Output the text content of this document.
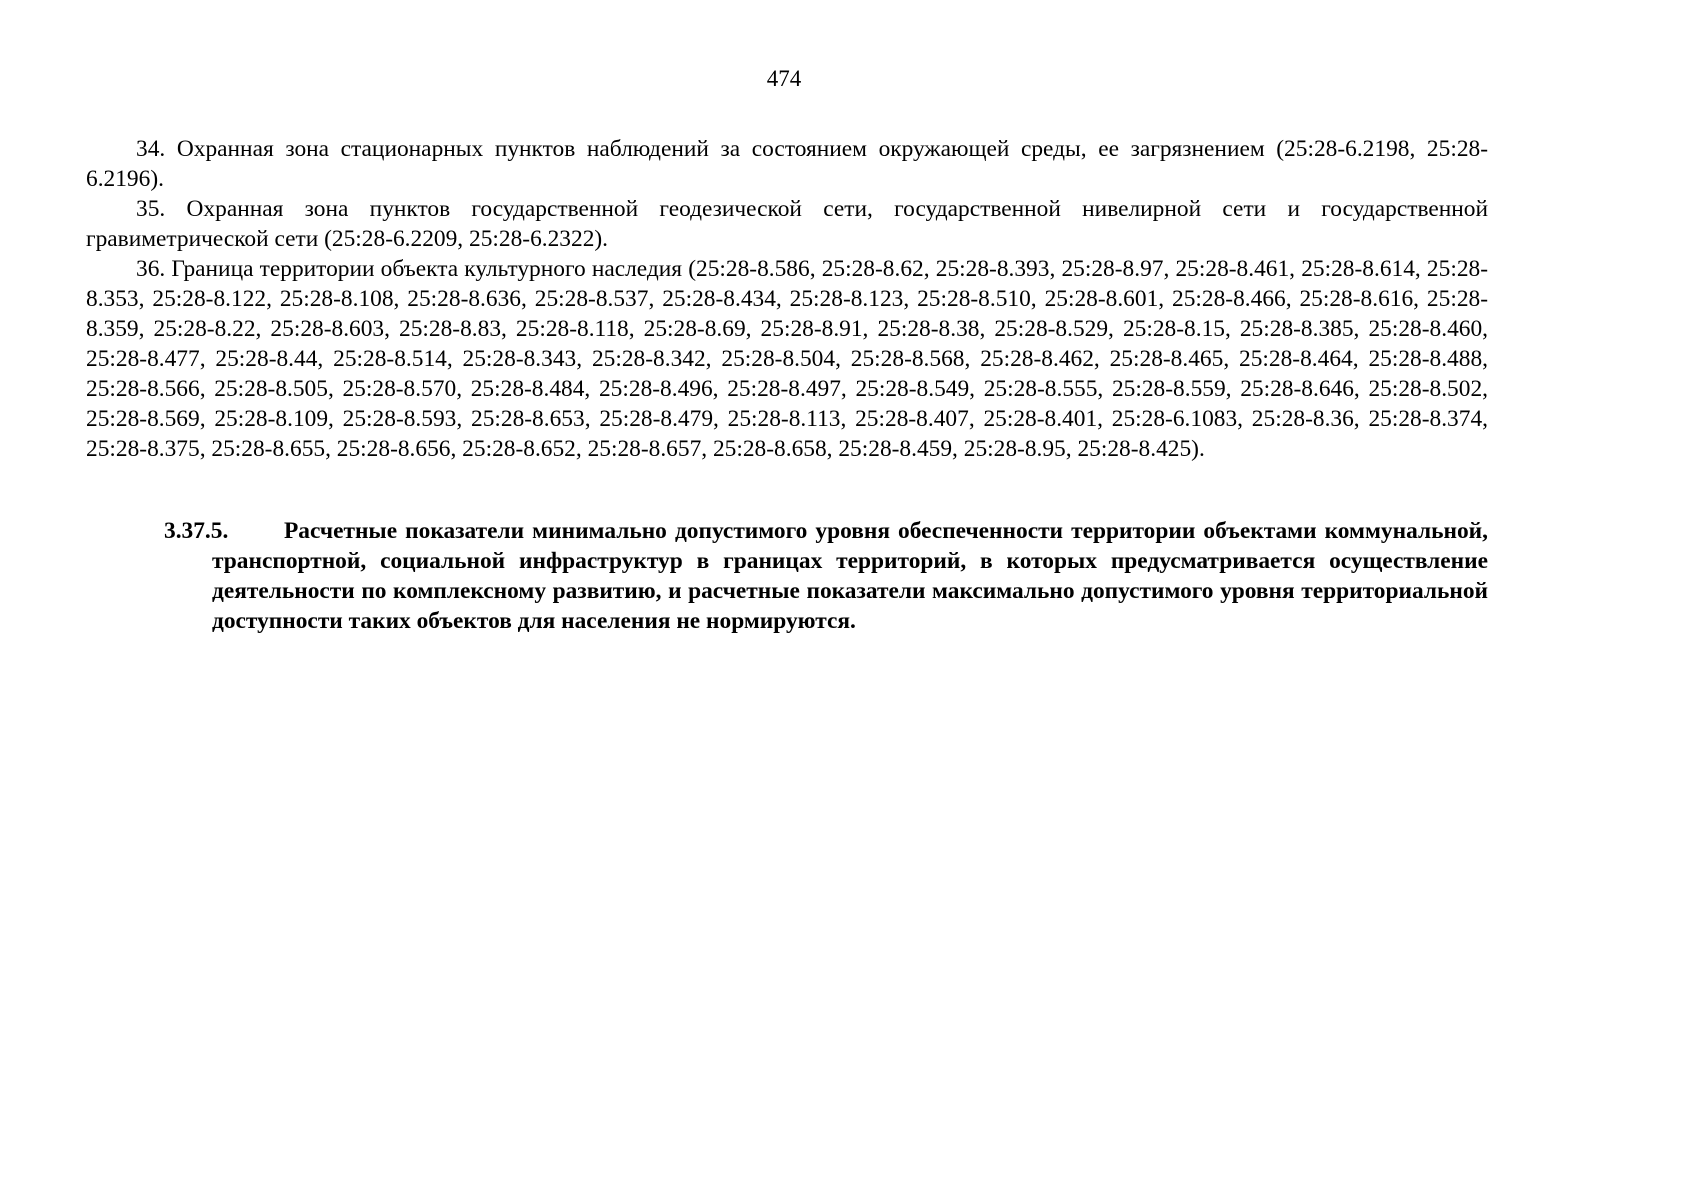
474

34. Охранная зона стационарных пунктов наблюдений за состоянием окружающей среды, ее загрязнением (25:28-6.2198, 25:28-6.2196).

35. Охранная зона пунктов государственной геодезической сети, государственной нивелирной сети и государственной гравиметрической сети (25:28-6.2209, 25:28-6.2322).

36. Граница территории объекта культурного наследия (25:28-8.586, 25:28-8.62, 25:28-8.393, 25:28-8.97, 25:28-8.461, 25:28-8.614, 25:28-8.353, 25:28-8.122, 25:28-8.108, 25:28-8.636, 25:28-8.537, 25:28-8.434, 25:28-8.123, 25:28-8.510, 25:28-8.601, 25:28-8.466, 25:28-8.616, 25:28-8.359, 25:28-8.22, 25:28-8.603, 25:28-8.83, 25:28-8.118, 25:28-8.69, 25:28-8.91, 25:28-8.38, 25:28-8.529, 25:28-8.15, 25:28-8.385, 25:28-8.460, 25:28-8.477, 25:28-8.44, 25:28-8.514, 25:28-8.343, 25:28-8.342, 25:28-8.504, 25:28-8.568, 25:28-8.462, 25:28-8.465, 25:28-8.464, 25:28-8.488, 25:28-8.566, 25:28-8.505, 25:28-8.570, 25:28-8.484, 25:28-8.496, 25:28-8.497, 25:28-8.549, 25:28-8.555, 25:28-8.559, 25:28-8.646, 25:28-8.502, 25:28-8.569, 25:28-8.109, 25:28-8.593, 25:28-8.653, 25:28-8.479, 25:28-8.113, 25:28-8.407, 25:28-8.401, 25:28-6.1083, 25:28-8.36, 25:28-8.374, 25:28-8.375, 25:28-8.655, 25:28-8.656, 25:28-8.652, 25:28-8.657, 25:28-8.658, 25:28-8.459, 25:28-8.95, 25:28-8.425).

3.37.5. Расчетные показатели минимально допустимого уровня обеспеченности территории объектами коммунальной, транспортной, социальной инфраструктур в границах территорий, в которых предусматривается осуществление деятельности по комплексному развитию, и расчетные показатели максимально допустимого уровня территориальной доступности таких объектов для населения не нормируются.
